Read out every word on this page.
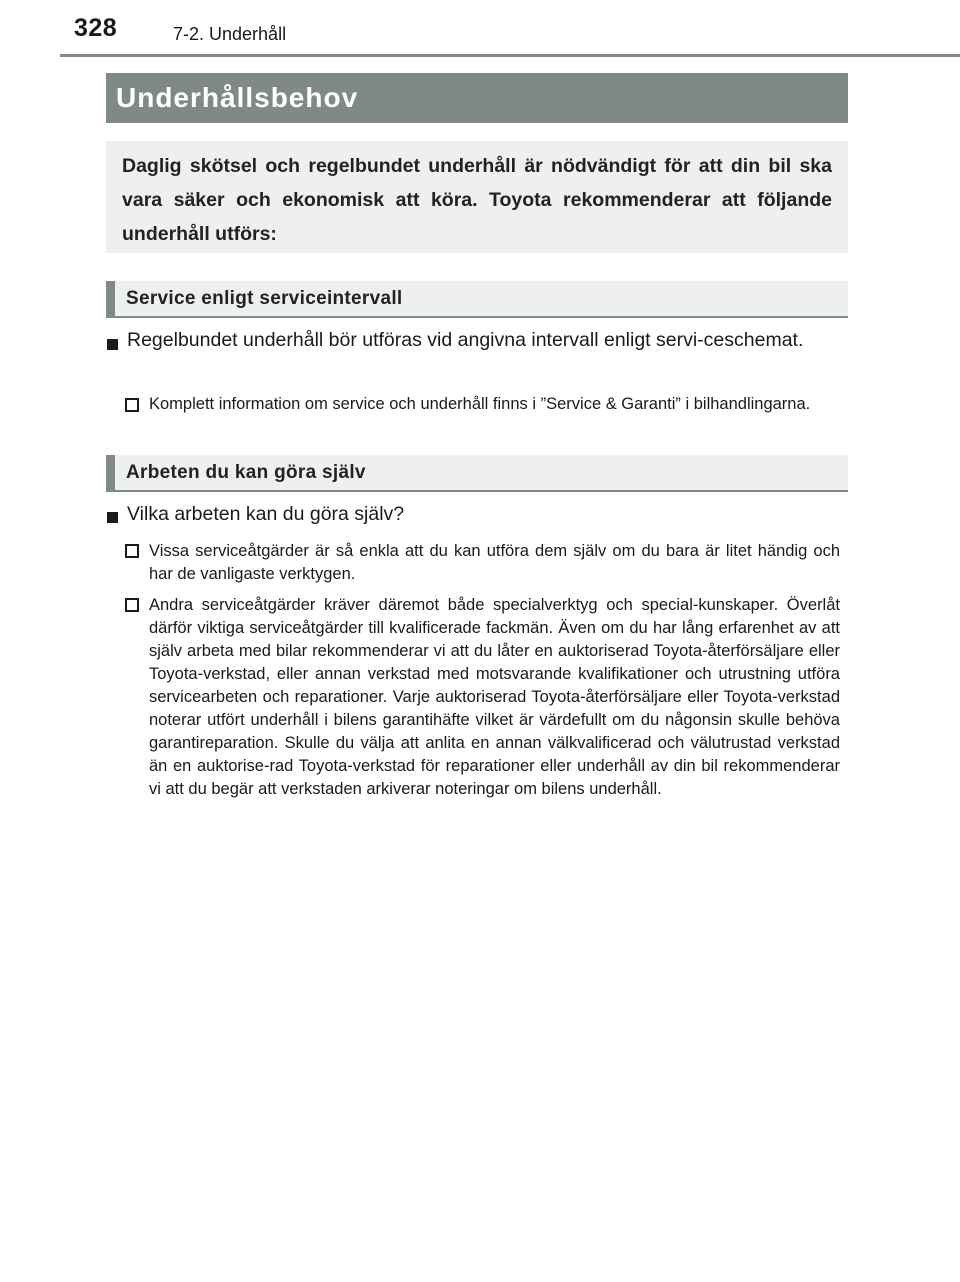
328	7-2. Underhåll
Underhållsbehov
Daglig skötsel och regelbundet underhåll är nödvändigt för att din bil ska vara säker och ekonomisk att köra. Toyota rekommenderar att följande underhåll utförs:
Service enligt serviceintervall
Regelbundet underhåll bör utföras vid angivna intervall enligt servi-ceschemat.
Komplett information om service och underhåll finns i ”Service & Garanti” i bilhandlingarna.
Arbeten du kan göra själv
Vilka arbeten kan du göra själv?
Vissa serviceåtgärder är så enkla att du kan utföra dem själv om du bara är litet händig och har de vanligaste verktygen.
Andra serviceåtgärder kräver däremot både specialverktyg och special-kunskaper. Överlåt därför viktiga serviceåtgärder till kvalificerade fackmän. Även om du har lång erfarenhet av att själv arbeta med bilar rekommenderar vi att du låter en auktoriserad Toyota-återförsäljare eller Toyota-verkstad, eller annan verkstad med motsvarande kvalifikationer och utrustning utföra servicearbeten och reparationer. Varje auktoriserad Toyota-återförsäljare eller Toyota-verkstad noterar utfört underhåll i bilens garantihäfte vilket är värdefullt om du någonsin skulle behöva garantireparation. Skulle du välja att anlita en annan välkvalificerad och välutrustad verkstad än en auktorise-rad Toyota-verkstad för reparationer eller underhåll av din bil rekommenderar vi att du begär att verkstaden arkiverar noteringar om bilens underhåll.
